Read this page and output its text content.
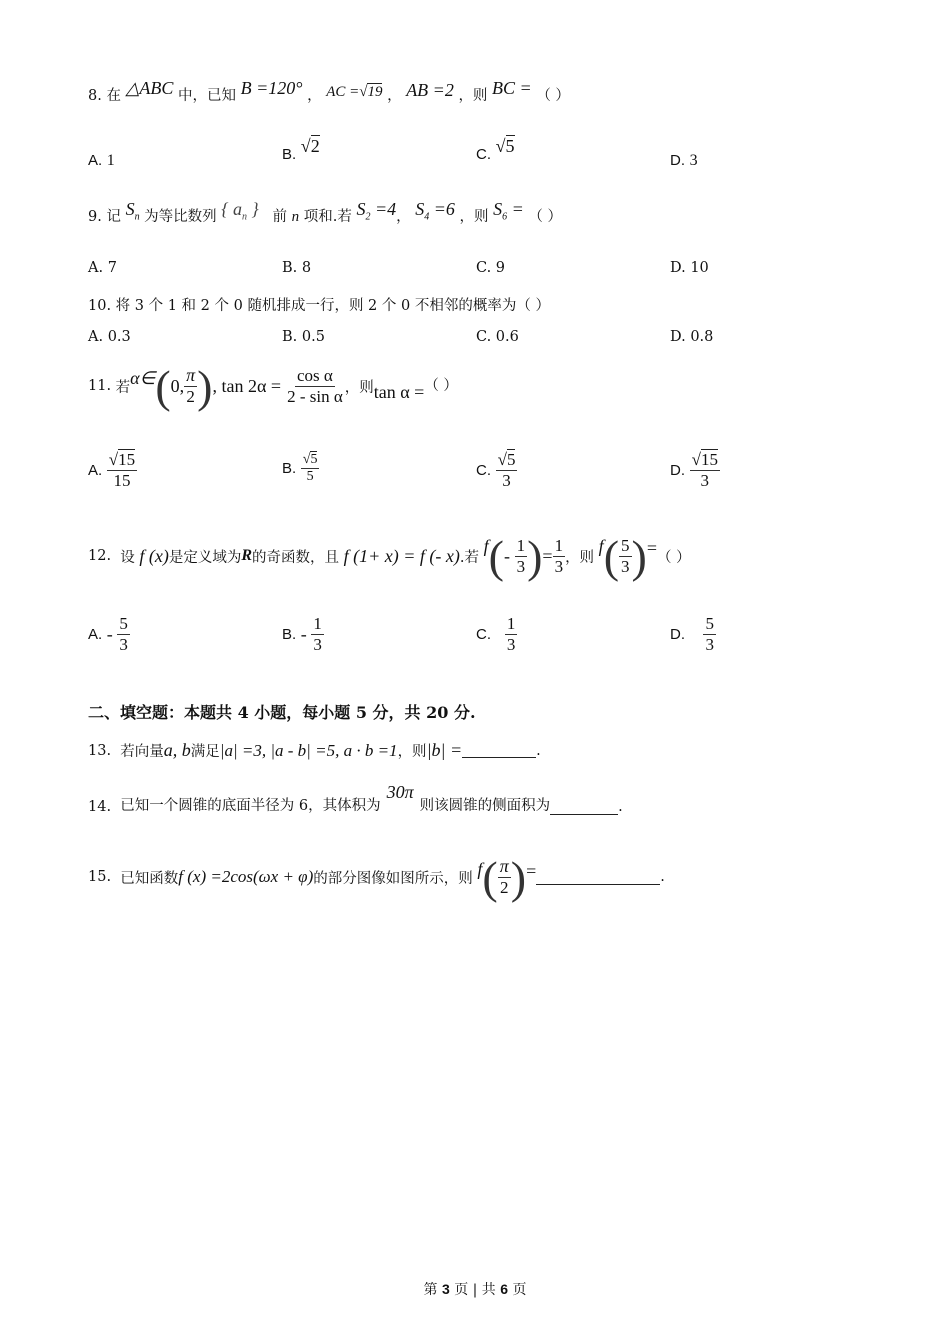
8. 在 △ABC 中，已知 B =120° ， AC =√19 ， AB =2 ，则 BC = （ ）
A. 1	B. √2	C. √5
D. 3
9. 记 $S_n$ 为等比数列 { $a_n$ } 前 n 项和.若 $S_2 =4$， $S_4 =6$ ，则 $S_6$ = （ ）
A. 7	B. 8	C. 9	D. 10
10. 将 3 个 1 和 2 个 0 随机排成一行，则 2 个 0 不相邻的概率为（ ）
A. 0.3	B. 0.5	C. 0.6	D. 0.8
11.
若 α∈ ( 0, $\frac{\pi}{2}$ ) , $\tan 2\alpha = \frac{\text{cos α}}{\text{2 - sin α}}$ ，则 tan α = （ ）
A.
$\frac{√15}{15}$	B.
$\frac{√5}{5}$	C.
$\frac{√5}{3}$	D.
$\frac{√15}{3}$
12.
设
f (x) 是定义域为 R 的奇函数，且
f (1+ x) = f (- x) .若

f ( -
$\frac{1}{3}$ ) = $\frac{1}{3}$ ，则

f ( $\frac{5}{3}$ ) = （ ）
A.
-
$\frac{5}{3}$	B.
-
$\frac{1}{3}$	C.
$\frac{1}{3}$	D.
$\frac{5}{3}$
二、填空题：本题共 4 小题，每小题 5 分，共 20 分.
13.
若向量 a, b 满足 |a| =3, |a - b| =5, a · b =1 ，则 |b| =	.
14.
已知一个圆锥的底面半径为 6，其体积为
30π
则该圆锥的侧面积为	.
15.
已知函数 f (x) =2cos(ωx + φ) 的部分图像如图所示，则
f ( $\frac{\pi}{2}$ ) =	.
第 3 页 | 共 6 页
